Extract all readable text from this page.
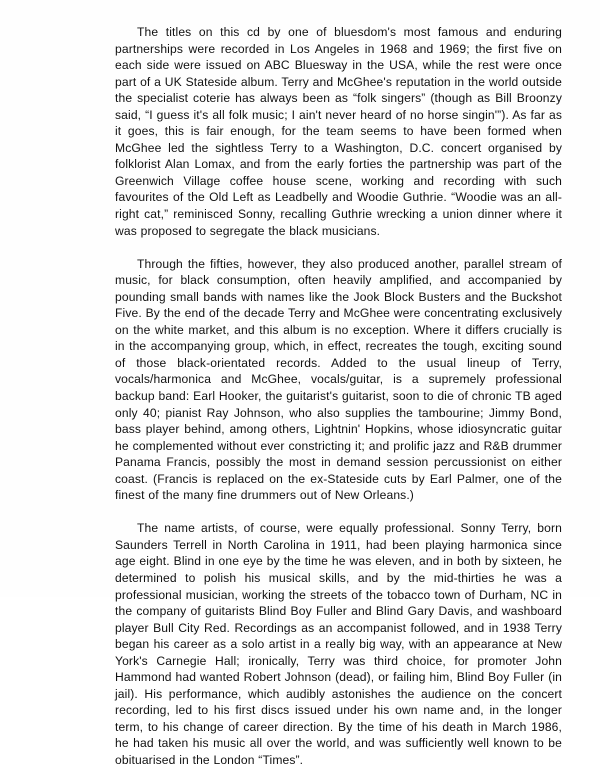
The titles on this cd by one of bluesdom's most famous and enduring partnerships were recorded in Los Angeles in 1968 and 1969; the first five on each side were issued on ABC Bluesway in the USA, while the rest were once part of a UK Stateside album. Terry and McGhee's reputation in the world outside the specialist coterie has always been as “folk singers” (though as Bill Broonzy said, “I guess it's all folk music; I ain't never heard of no horse singin'”). As far as it goes, this is fair enough, for the team seems to have been formed when McGhee led the sightless Terry to a Washington, D.C. concert organised by folklorist Alan Lomax, and from the early forties the partnership was part of the Greenwich Village coffee house scene, working and recording with such favourites of the Old Left as Leadbelly and Woodie Guthrie. “Woodie was an all-right cat,” reminisced Sonny, recalling Guthrie wrecking a union dinner where it was proposed to segregate the black musicians.

Through the fifties, however, they also produced another, parallel stream of music, for black consumption, often heavily amplified, and accompanied by pounding small bands with names like the Jook Block Busters and the Buckshot Five. By the end of the decade Terry and McGhee were concentrating exclusively on the white market, and this album is no exception. Where it differs crucially is in the accompanying group, which, in effect, recreates the tough, exciting sound of those black-orientated records. Added to the usual lineup of Terry, vocals/harmonica and McGhee, vocals/guitar, is a supremely professional backup band: Earl Hooker, the guitarist's guitarist, soon to die of chronic TB aged only 40; pianist Ray Johnson, who also supplies the tambourine; Jimmy Bond, bass player behind, among others, Lightnin' Hopkins, whose idiosyncratic guitar he complemented without ever constricting it; and prolific jazz and R&B drummer Panama Francis, possibly the most in demand session percussionist on either coast. (Francis is replaced on the ex-Stateside cuts by Earl Palmer, one of the finest of the many fine drummers out of New Orleans.)

The name artists, of course, were equally professional. Sonny Terry, born Saunders Terrell in North Carolina in 1911, had been playing harmonica since age eight. Blind in one eye by the time he was eleven, and in both by sixteen, he determined to polish his musical skills, and by the mid-thirties he was a professional musician, working the streets of the tobacco town of Durham, NC in the company of guitarists Blind Boy Fuller and Blind Gary Davis, and washboard player Bull City Red. Recordings as an accompanist followed, and in 1938 Terry began his career as a solo artist in a really big way, with an appearance at New York's Carnegie Hall; ironically, Terry was third choice, for promoter John Hammond had wanted Robert Johnson (dead), or failing him, Blind Boy Fuller (in jail). His performance, which audibly astonishes the audience on the concert recording, led to his first discs issued under his own name and, in the longer term, to his change of career direction. By the time of his death in March 1986, he had taken his music all over the world, and was sufficiently well known to be obituarised in the London “Times”.
